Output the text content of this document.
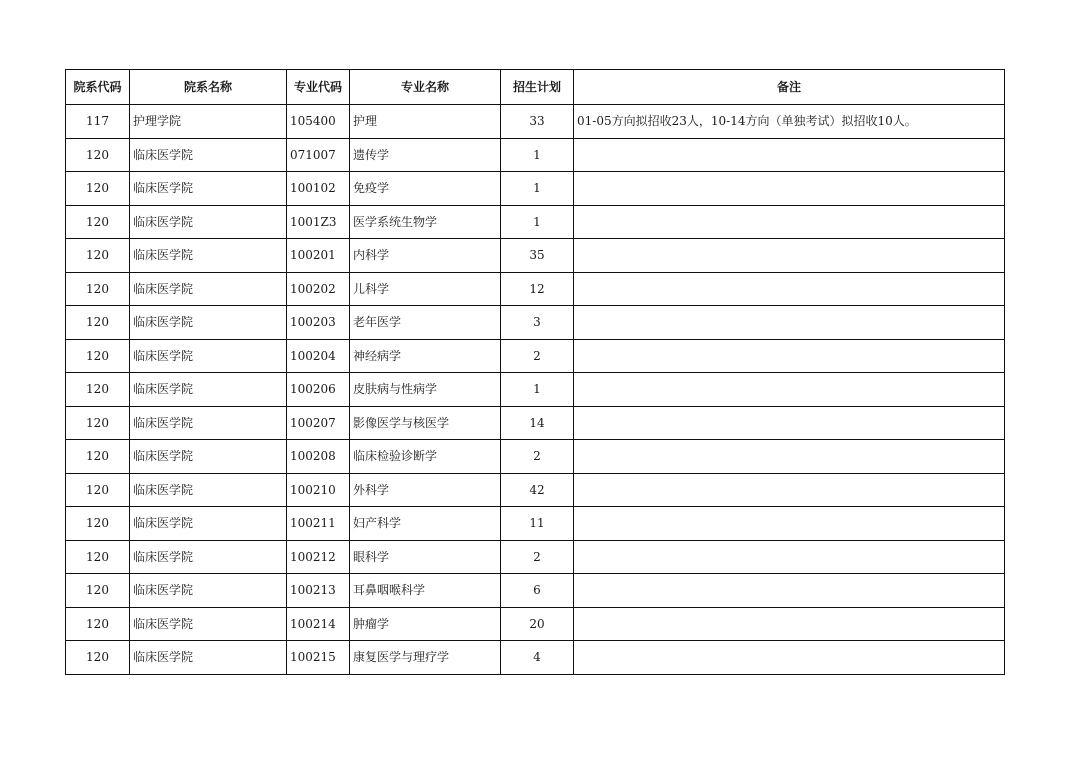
院系代码	院系名称	专业代码	专业名称	招生计划	备注
117	护理学院	105400	护理	33	01-05方向拟招收23人，10-14方向（单独考试）拟招收10人。
120	临床医学院	071007	遗传学	1	
120	临床医学院	100102	免疫学	1	
120	临床医学院	1001Z3	医学系统生物学	1	
120	临床医学院	100201	内科学	35	
120	临床医学院	100202	儿科学	12	
120	临床医学院	100203	老年医学	3	
120	临床医学院	100204	神经病学	2	
120	临床医学院	100206	皮肤病与性病学	1	
120	临床医学院	100207	影像医学与核医学	14	
120	临床医学院	100208	临床检验诊断学	2	
120	临床医学院	100210	外科学	42	
120	临床医学院	100211	妇产科学	11	
120	临床医学院	100212	眼科学	2	
120	临床医学院	100213	耳鼻咽喉科学	6	
120	临床医学院	100214	肿瘤学	20	
120	临床医学院	100215	康复医学与理疗学	4	
